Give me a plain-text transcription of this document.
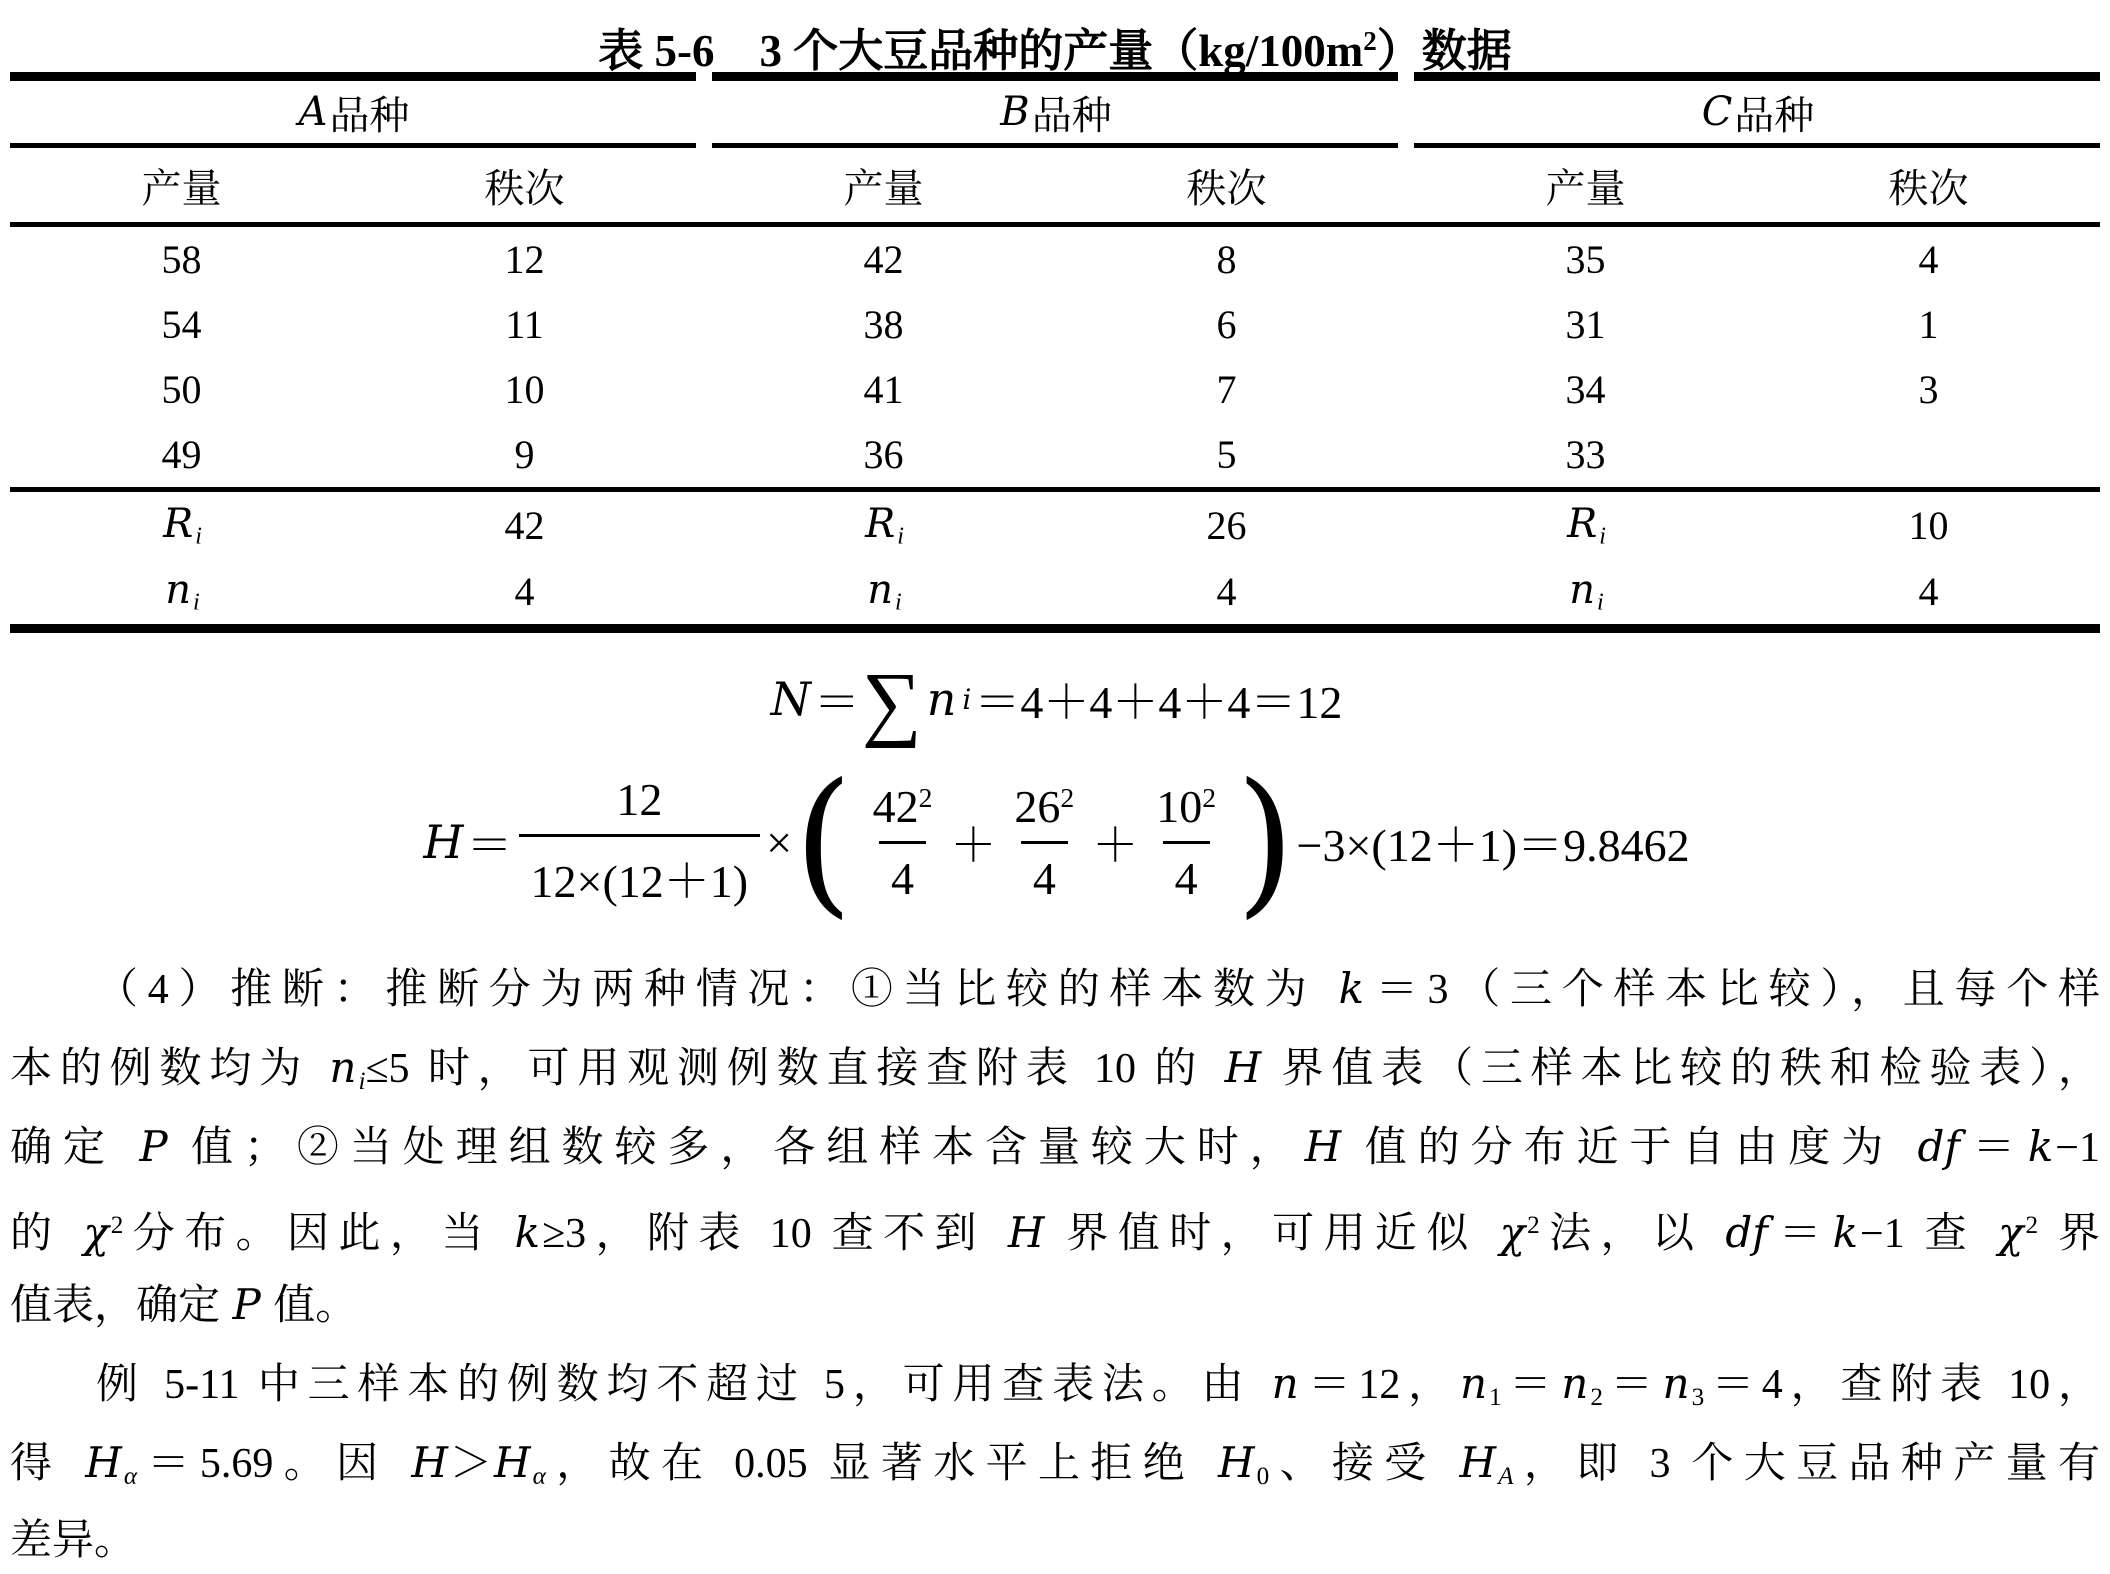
表 5-6　3 个大豆品种的产量$(kg/100m^2)$数据
A 品种	B 品种	C 品种
产量	秩次	产量	秩次	产量	秩次
58	12	42	8	35	4
54	11	38	6	31	1
50	10	41	7	34	3
49	9	36	5	33
Ri	42	Ri	26	Ri	10
ni	4	ni	4	ni	4
N ＝ ∑ n i ＝4＋4＋4＋4＝12
$H = \frac{12}{12\times(12+1)}$ × ( $\frac{42^2}{4} + \frac{26^2}{4} + \frac{10^2}{4}$ ) −3×(12＋1)＝9.8462
（4）推断：推断分为两种情况：①当比较的样本数为 k＝3（三个样本比较），且每个样
本的例数均为 ni≤5 时，可用观测例数直接查附表 10 的 H 界值表（三样本比较的秩和检验表），
确定 P 值；②当处理组数较多，各组样本含量较大时，H 值的分布近于自由度为 df＝k−1
的 $\chi^2$分布。因此，当 k≥3，附表 10 查不到 H 界值时，可用近似 $\chi^2$法，以 df＝k−1 查 $\chi^2$ 界
值表，确定 P 值。
例 5-11 中三样本的例数均不超过 5，可用查表法。由 n＝12，n1＝n2＝n3＝4，查附表 10，
得 Hα＝5.69。因 H＞Hα，故在 0.05 显著水平上拒绝 H0、接受 HA，即 3 个大豆品种产量有
差异。
